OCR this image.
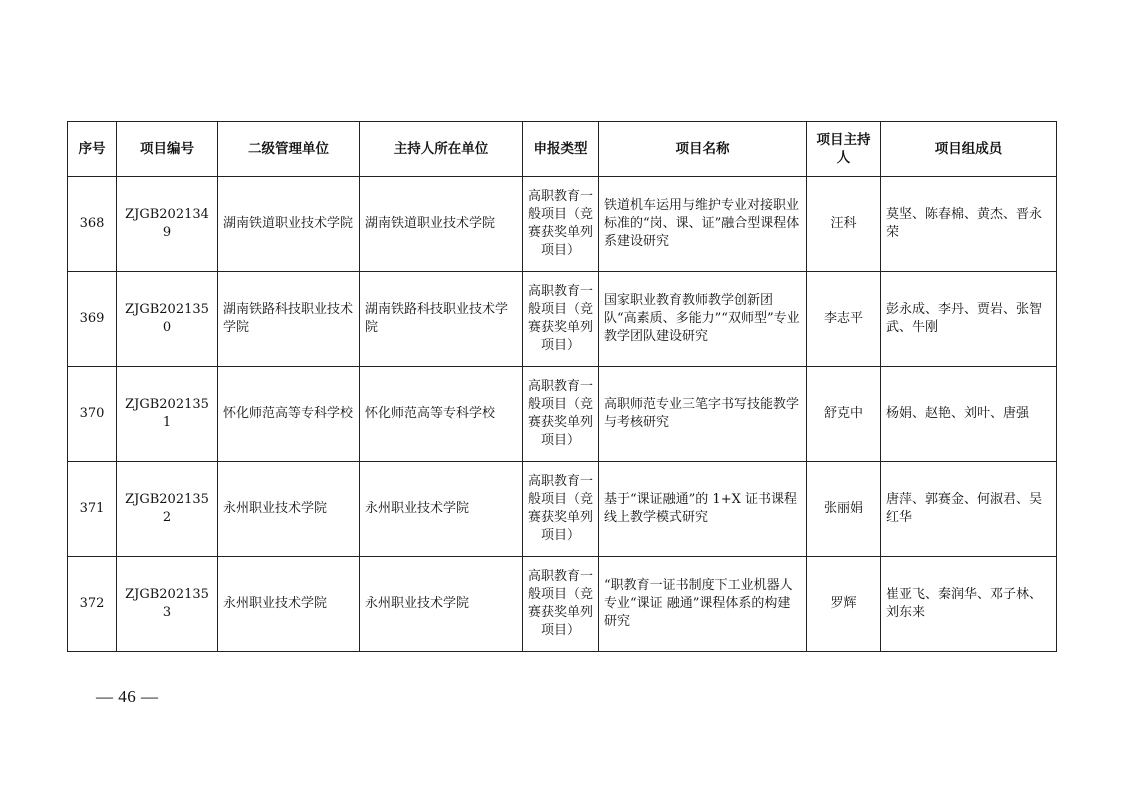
序号	项目编号	二级管理单位	主持人所在单位	申报类型	项目名称	项目主持人	项目组成员
368	ZJGB2021349	湖南铁道职业技术学院	湖南铁道职业技术学院	高职教育一般项目（竞赛获奖单列项目）	铁道机车运用与维护专业对接职业标准的“岗、课、证”融合型课程体系建设研究	汪科	莫坚、陈春棉、黄杰、晋永荣
369	ZJGB2021350	湖南铁路科技职业技术学院	湖南铁路科技职业技术学院	高职教育一般项目（竞赛获奖单列项目）	国家职业教育教师教学创新团队“高素质、多能力”“双师型”专业教学团队建设研究	李志平	彭永成、李丹、贾岩、张智武、牛刚
370	ZJGB2021351	怀化师范高等专科学校	怀化师范高等专科学校	高职教育一般项目（竞赛获奖单列项目）	高职师范专业三笔字书写技能教学与考核研究	舒克中	杨娟、赵艳、刘叶、唐强
371	ZJGB2021352	永州职业技术学院	永州职业技术学院	高职教育一般项目（竞赛获奖单列项目）	基于“课证融通”的 1+X 证书课程线上教学模式研究	张丽娟	唐萍、郭赛金、何淑君、吴红华
372	ZJGB2021353	永州职业技术学院	永州职业技术学院	高职教育一般项目（竞赛获奖单列项目）	“职教育一证书制度下工业机器人专业“课证 融通”课程体系的构建研究	罗辉	崔亚飞、秦润华、邓子林、刘东来
— 46 —
